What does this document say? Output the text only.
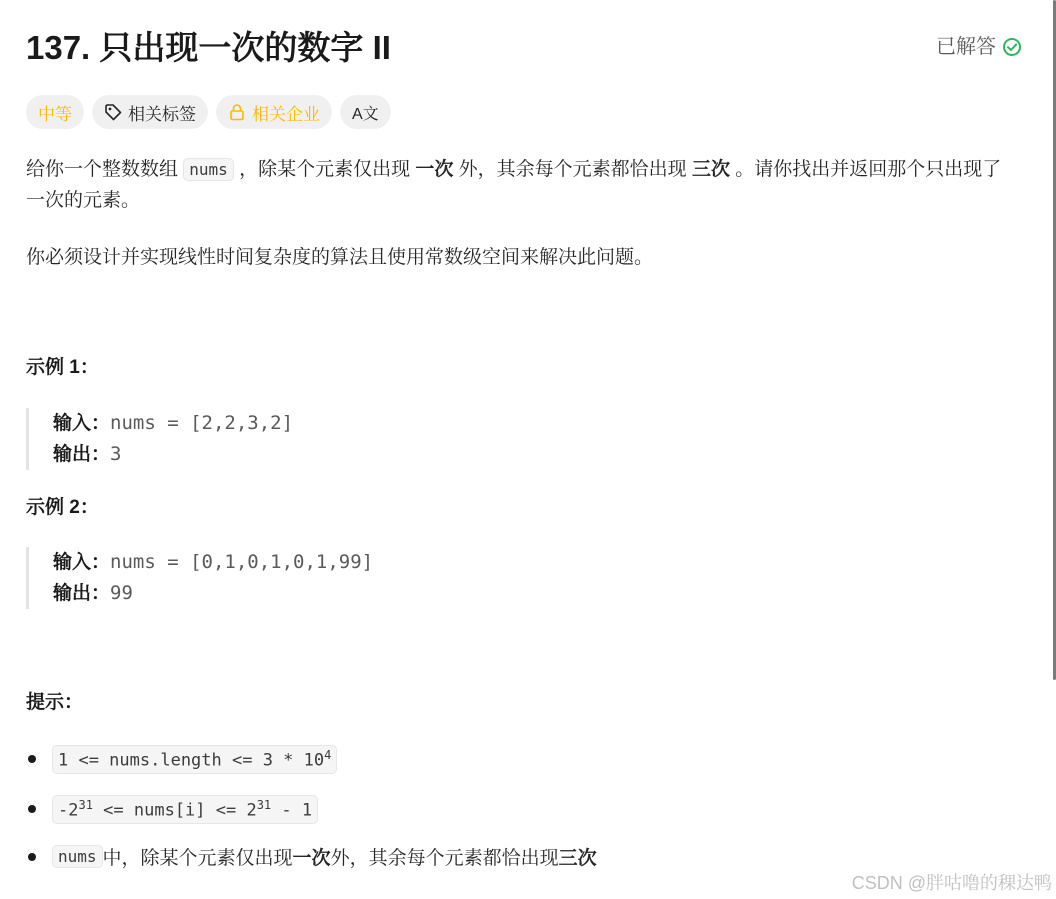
137. 只出现一次的数字 II	已解答
中等	相关标签	相关企业 A文
给你一个整数数组 nums ，除某个元素仅出现 一次 外，其余每个元素都恰出现 三次 。请你找出并返回那个只出现了一次的元素。
你必须设计并实现线性时间复杂度的算法且使用常数级空间来解决此问题。
示例 1：
输入：nums = [2,2,3,2]
输出：3
示例 2：
输入：nums = [0,1,0,1,0,1,99]
输出：99
提示：
1 <= nums.length <= $3 * 10^4$
$-2^{31}$ <= nums[i] <= $2^{31} - 1$
nums 中，除某个元素仅出现 一次 外，其余每个元素都恰出现 三次
CSDN @胖咕噜的稞达鸭
